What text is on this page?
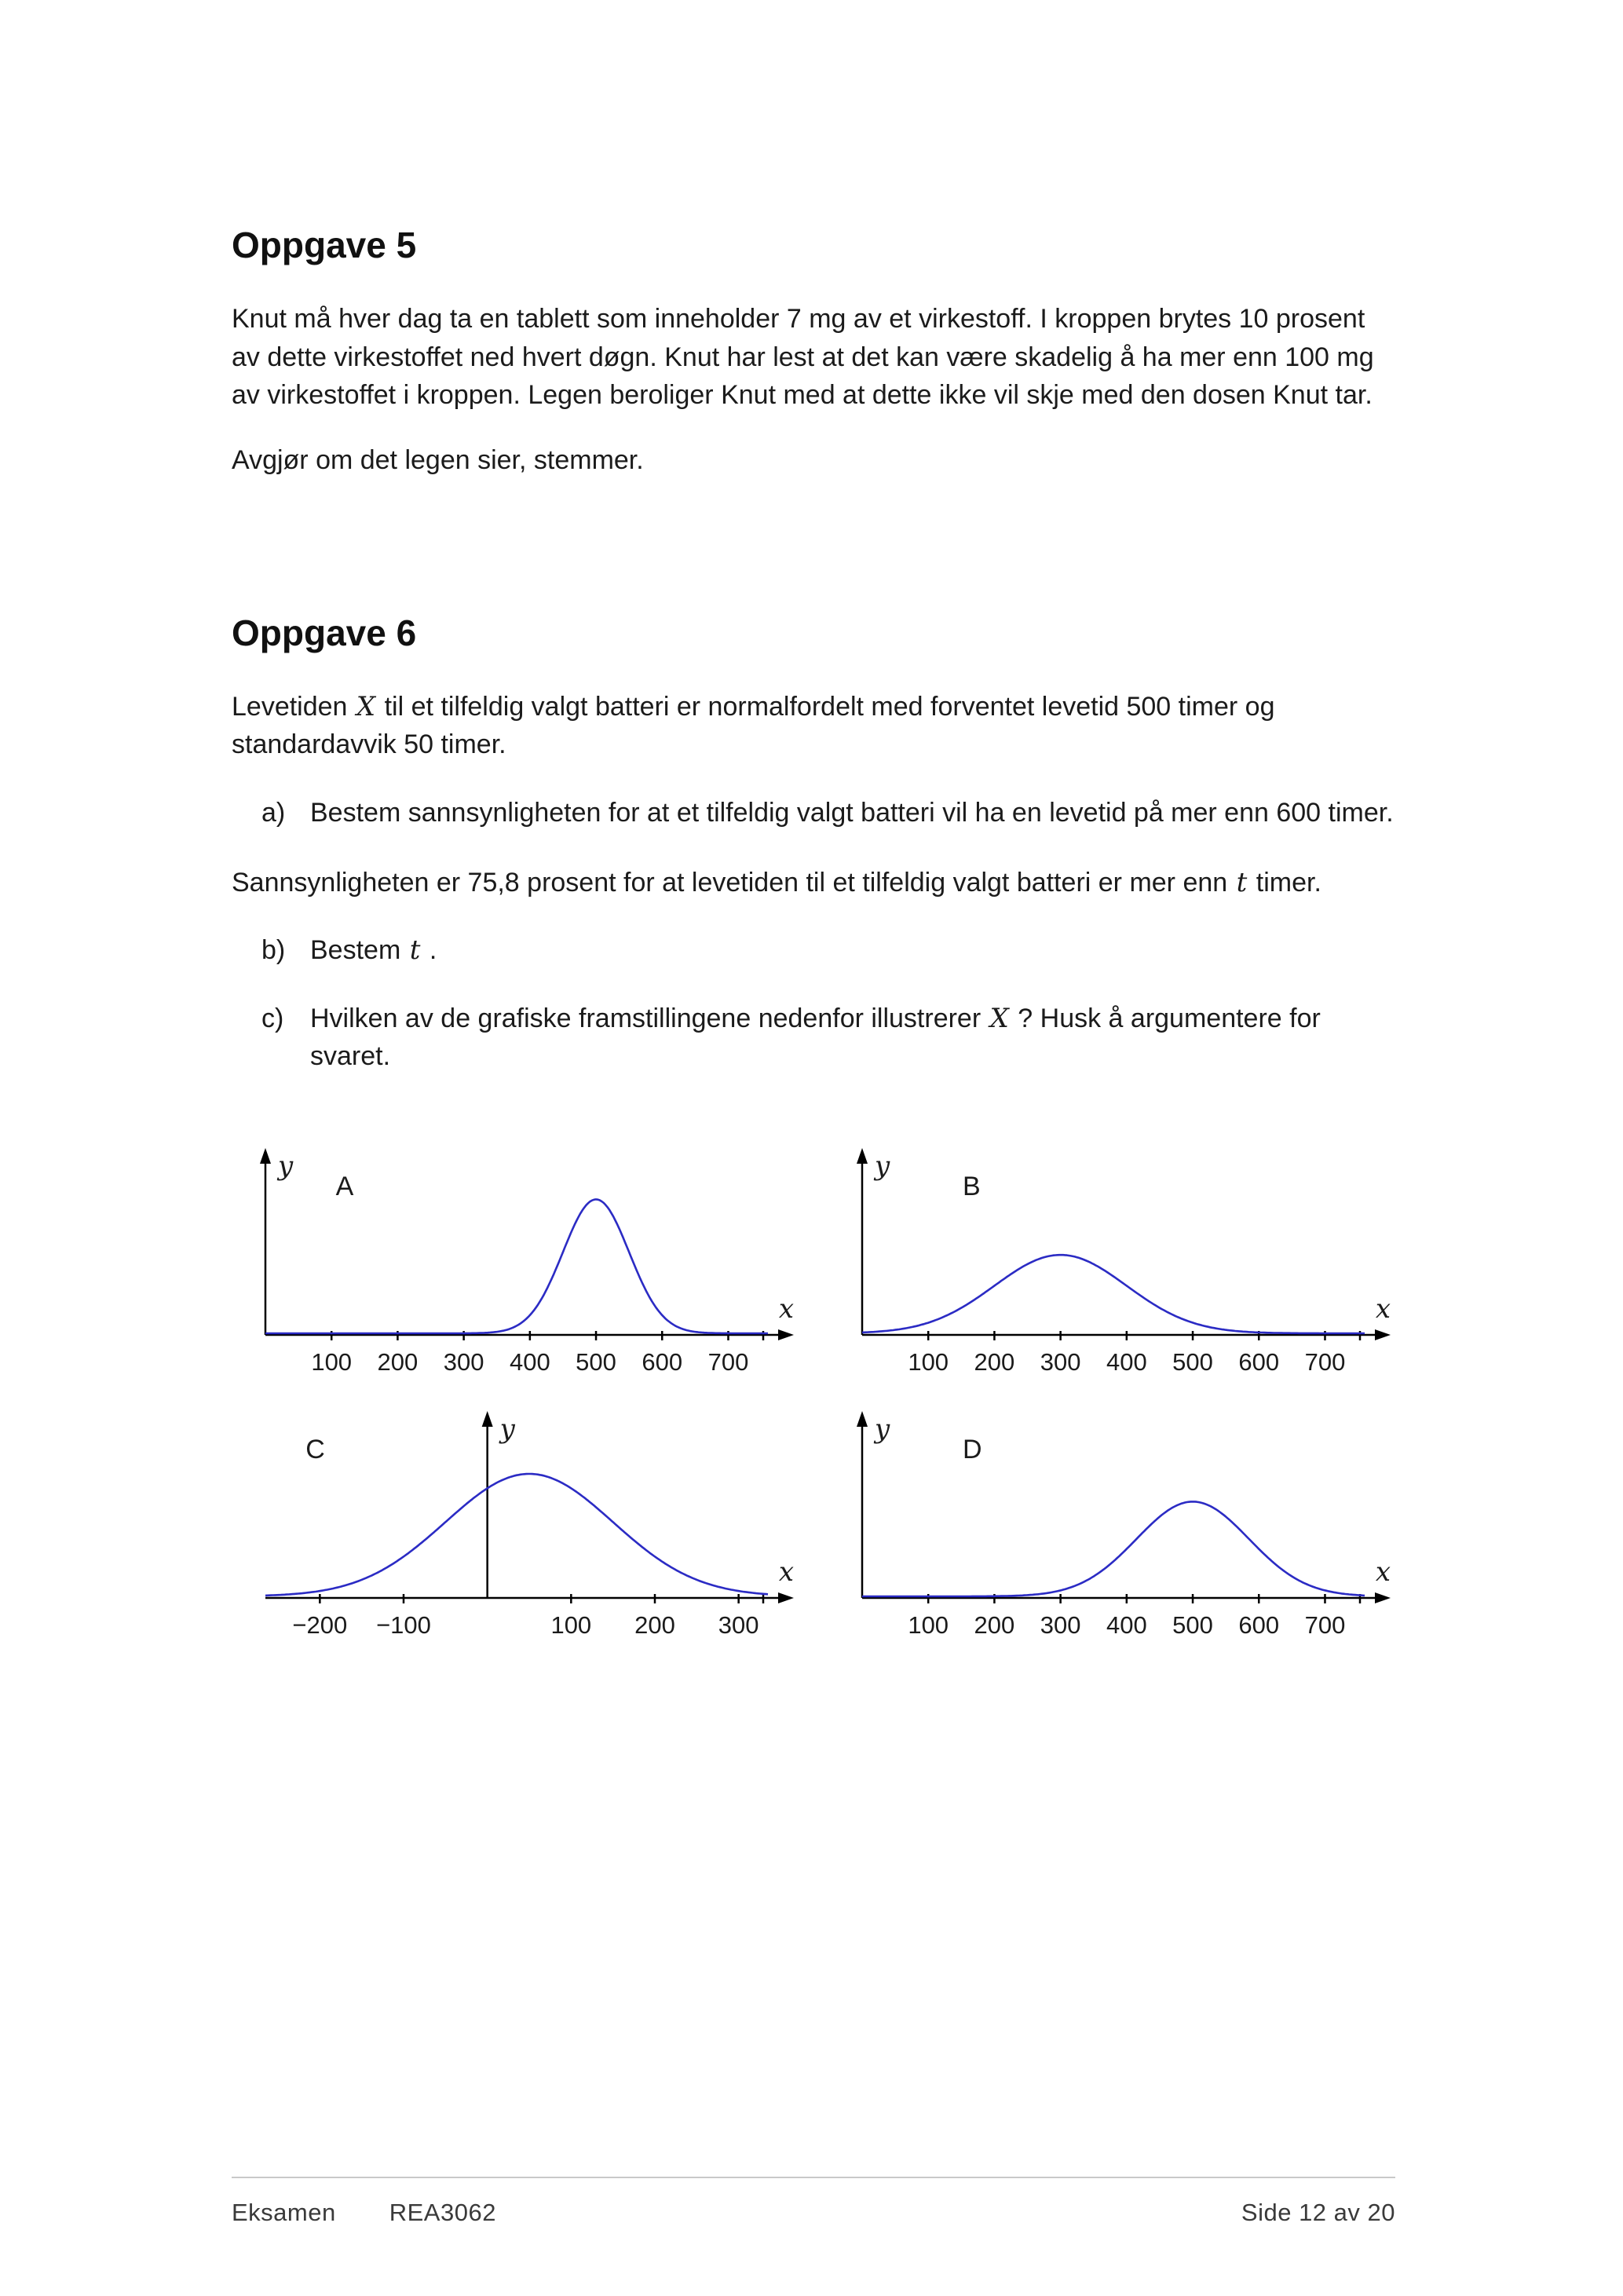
Oppgave 5

Knut må hver dag ta en tablett som inneholder 7 mg av et virkestoff. I kroppen brytes 10 prosent av dette virkestoffet ned hvert døgn. Knut har lest at det kan være skadelig å ha mer enn 100 mg av virkestoffet i kroppen. Legen beroliger Knut med at dette ikke vil skje med den dosen Knut tar.

Avgjør om det legen sier, stemmer.

Oppgave 6

Levetiden X til et tilfeldig valgt batteri er normalfordelt med forventet levetid 500 timer og standardavvik 50 timer.

a) Bestem sannsynligheten for at et tilfeldig valgt batteri vil ha en levetid på mer enn 600 timer.

Sannsynligheten er 75,8 prosent for at levetiden til et tilfeldig valgt batteri er mer enn t timer.

b) Bestem t .
c) Hvilken av de grafiske framstillingene nedenfor illustrerer X ? Husk å argumentere for svaret.
100 200 300 400 500 600 700
y
x
A
100 200 300 400 500 600 700
y
x
B
−200 −100	100 200 300
y
x
C
100 200 300 400 500 600 700
y
x
D
Eksamen REA3062	Side 12 av 20
